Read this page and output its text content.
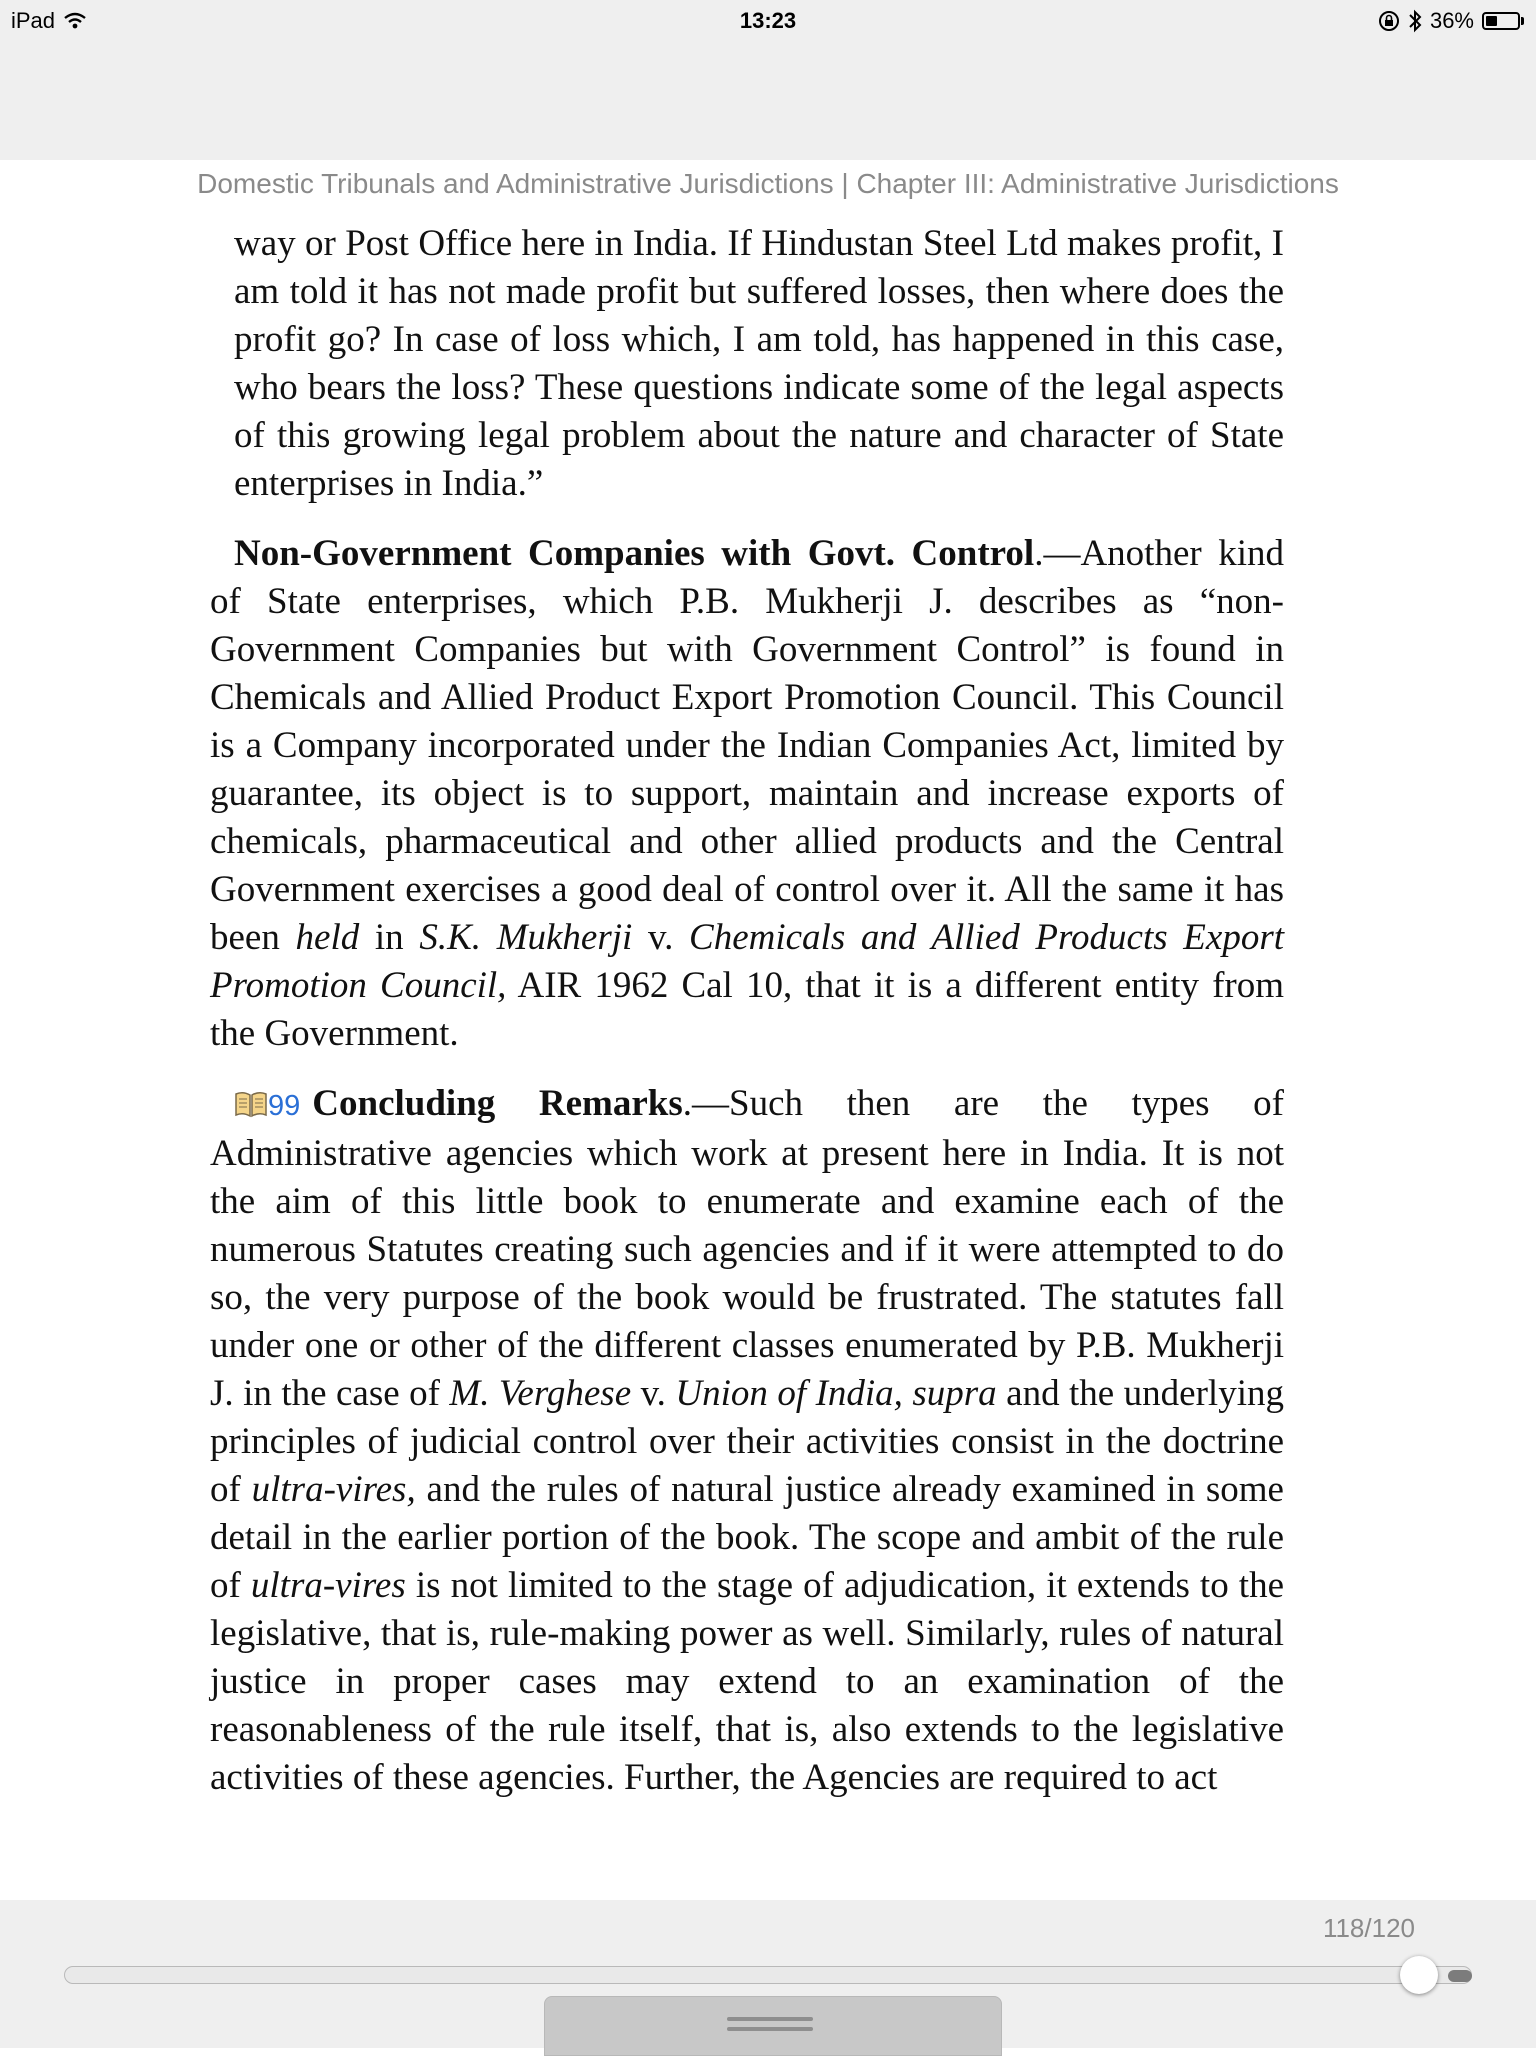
iPad	13:23	36%
Domestic Tribunals and Administrative Jurisdictions | Chapter III: Administrative Jurisdictions

way or Post Office here in India. If Hindustan Steel Ltd makes profit, I am told it has not made profit but suffered losses, then where does the profit go? In case of loss which, I am told, has happened in this case, who bears the loss? These questions indicate some of the legal aspects of this growing legal problem about the nature and character of State enterprises in India.”

Non-Government Companies with Govt. Control.—Another kind of State enterprises, which P.B. Mukherji J. describes as “non-Government Companies but with Government Control” is found in Chemicals and Allied Product Export Promotion Council. This Council is a Company incorporated under the Indian Companies Act, limited by guarantee, its object is to support, maintain and increase exports of chemicals, pharmaceutical and other allied products and the Central Government exercises a good deal of control over it. All the same it has been held in S.K. Mukherji v. Chemicals and Allied Products Export Promotion Council, AIR 1962 Cal 10, that it is a different entity from the Government.

99 Concluding Remarks.—Such then are the types of Administrative agencies which work at present here in India. It is not the aim of this little book to enumerate and examine each of the numerous Statutes creating such agencies and if it were attempted to do so, the very purpose of the book would be frustrated. The statutes fall under one or other of the different classes enumerated by P.B. Mukherji J. in the case of M. Verghese v. Union of India, supra and the underlying principles of judicial control over their activities consist in the doctrine of ultra-vires, and the rules of natural justice already examined in some detail in the earlier portion of the book. The scope and ambit of the rule of ultra-vires is not limited to the stage of adjudication, it extends to the legislative, that is, rule-making power as well. Similarly, rules of natural justice in proper cases may extend to an examination of the reasonableness of the rule itself, that is, also extends to the legislative activities of these agencies. Further, the Agencies are required to act

118/120
